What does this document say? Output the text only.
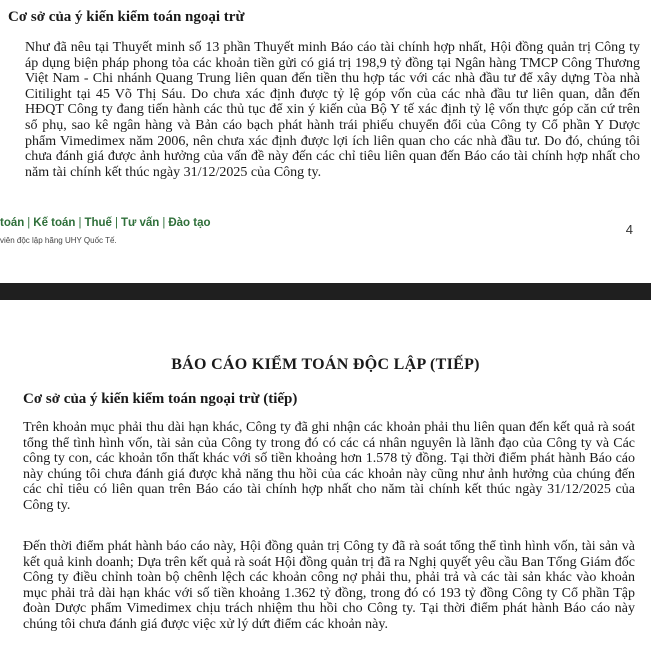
Cơ sở của ý kiến kiểm toán ngoại trừ
Như đã nêu tại Thuyết minh số 13 phần Thuyết minh Báo cáo tài chính hợp nhất, Hội đồng quản trị Công ty áp dụng biện pháp phong tỏa các khoản tiền gửi có giá trị 198,9 tỷ đồng tại Ngân hàng TMCP Công Thương Việt Nam - Chi nhánh Quang Trung liên quan đến tiền thu hợp tác với các nhà đầu tư để xây dựng Tòa nhà Citilight tại 45 Võ Thị Sáu. Do chưa xác định được tỷ lệ góp vốn của các nhà đầu tư liên quan, dẫn đến HĐQT Công ty đang tiến hành các thủ tục để xin ý kiến của Bộ Y tế xác định tỷ lệ vốn thực góp căn cứ trên sổ phụ, sao kê ngân hàng và Bản cáo bạch phát hành trái phiếu chuyển đổi của Công ty Cổ phần Y Dược phẩm Vimedimex năm 2006, nên chưa xác định được lợi ích liên quan cho các nhà đầu tư. Do đó, chúng tôi chưa đánh giá được ảnh hưởng của vấn đề này đến các chỉ tiêu liên quan đến Báo cáo tài chính hợp nhất cho năm tài chính kết thúc ngày 31/12/2025 của Công ty.
toán | Kế toán | Thuế | Tư vấn | Đào tạo
viên độc lập hãng UHY Quốc Tế.
4
BÁO CÁO KIỂM TOÁN ĐỘC LẬP (TIẾP)
Cơ sở của ý kiến kiểm toán ngoại trừ (tiếp)
Trên khoản mục phải thu dài hạn khác, Công ty đã ghi nhận các khoản phải thu liên quan đến kết quả rà soát tổng thể tình hình vốn, tài sản của Công ty trong đó có các cá nhân nguyên là lãnh đạo của Công ty và Các công ty con, các khoản tổn thất khác với số tiền khoảng hơn 1.578 tỷ đồng. Tại thời điểm phát hành Báo cáo này chúng tôi chưa đánh giá được khả năng thu hồi của các khoản này cũng như ảnh hưởng của chúng đến các chỉ tiêu có liên quan trên Báo cáo tài chính hợp nhất cho năm tài chính kết thúc ngày 31/12/2025 của Công ty.
Đến thời điểm phát hành báo cáo này, Hội đồng quản trị Công ty đã rà soát tổng thể tình hình vốn, tài sản và kết quả kinh doanh; Dựa trên kết quả rà soát Hội đồng quản trị đã ra Nghị quyết yêu cầu Ban Tổng Giám đốc Công ty điều chỉnh toàn bộ chênh lệch các khoản công nợ phải thu, phải trả và các tài sản khác vào khoản mục phải trả dài hạn khác với số tiền khoảng 1.362 tỷ đồng, trong đó có 193 tỷ đồng Công ty Cổ phần Tập đoàn Dược phẩm Vimedimex chịu trách nhiệm thu hồi cho Công ty. Tại thời điểm phát hành Báo cáo này chúng tôi chưa đánh giá được việc xử lý dứt điểm các khoản này.
